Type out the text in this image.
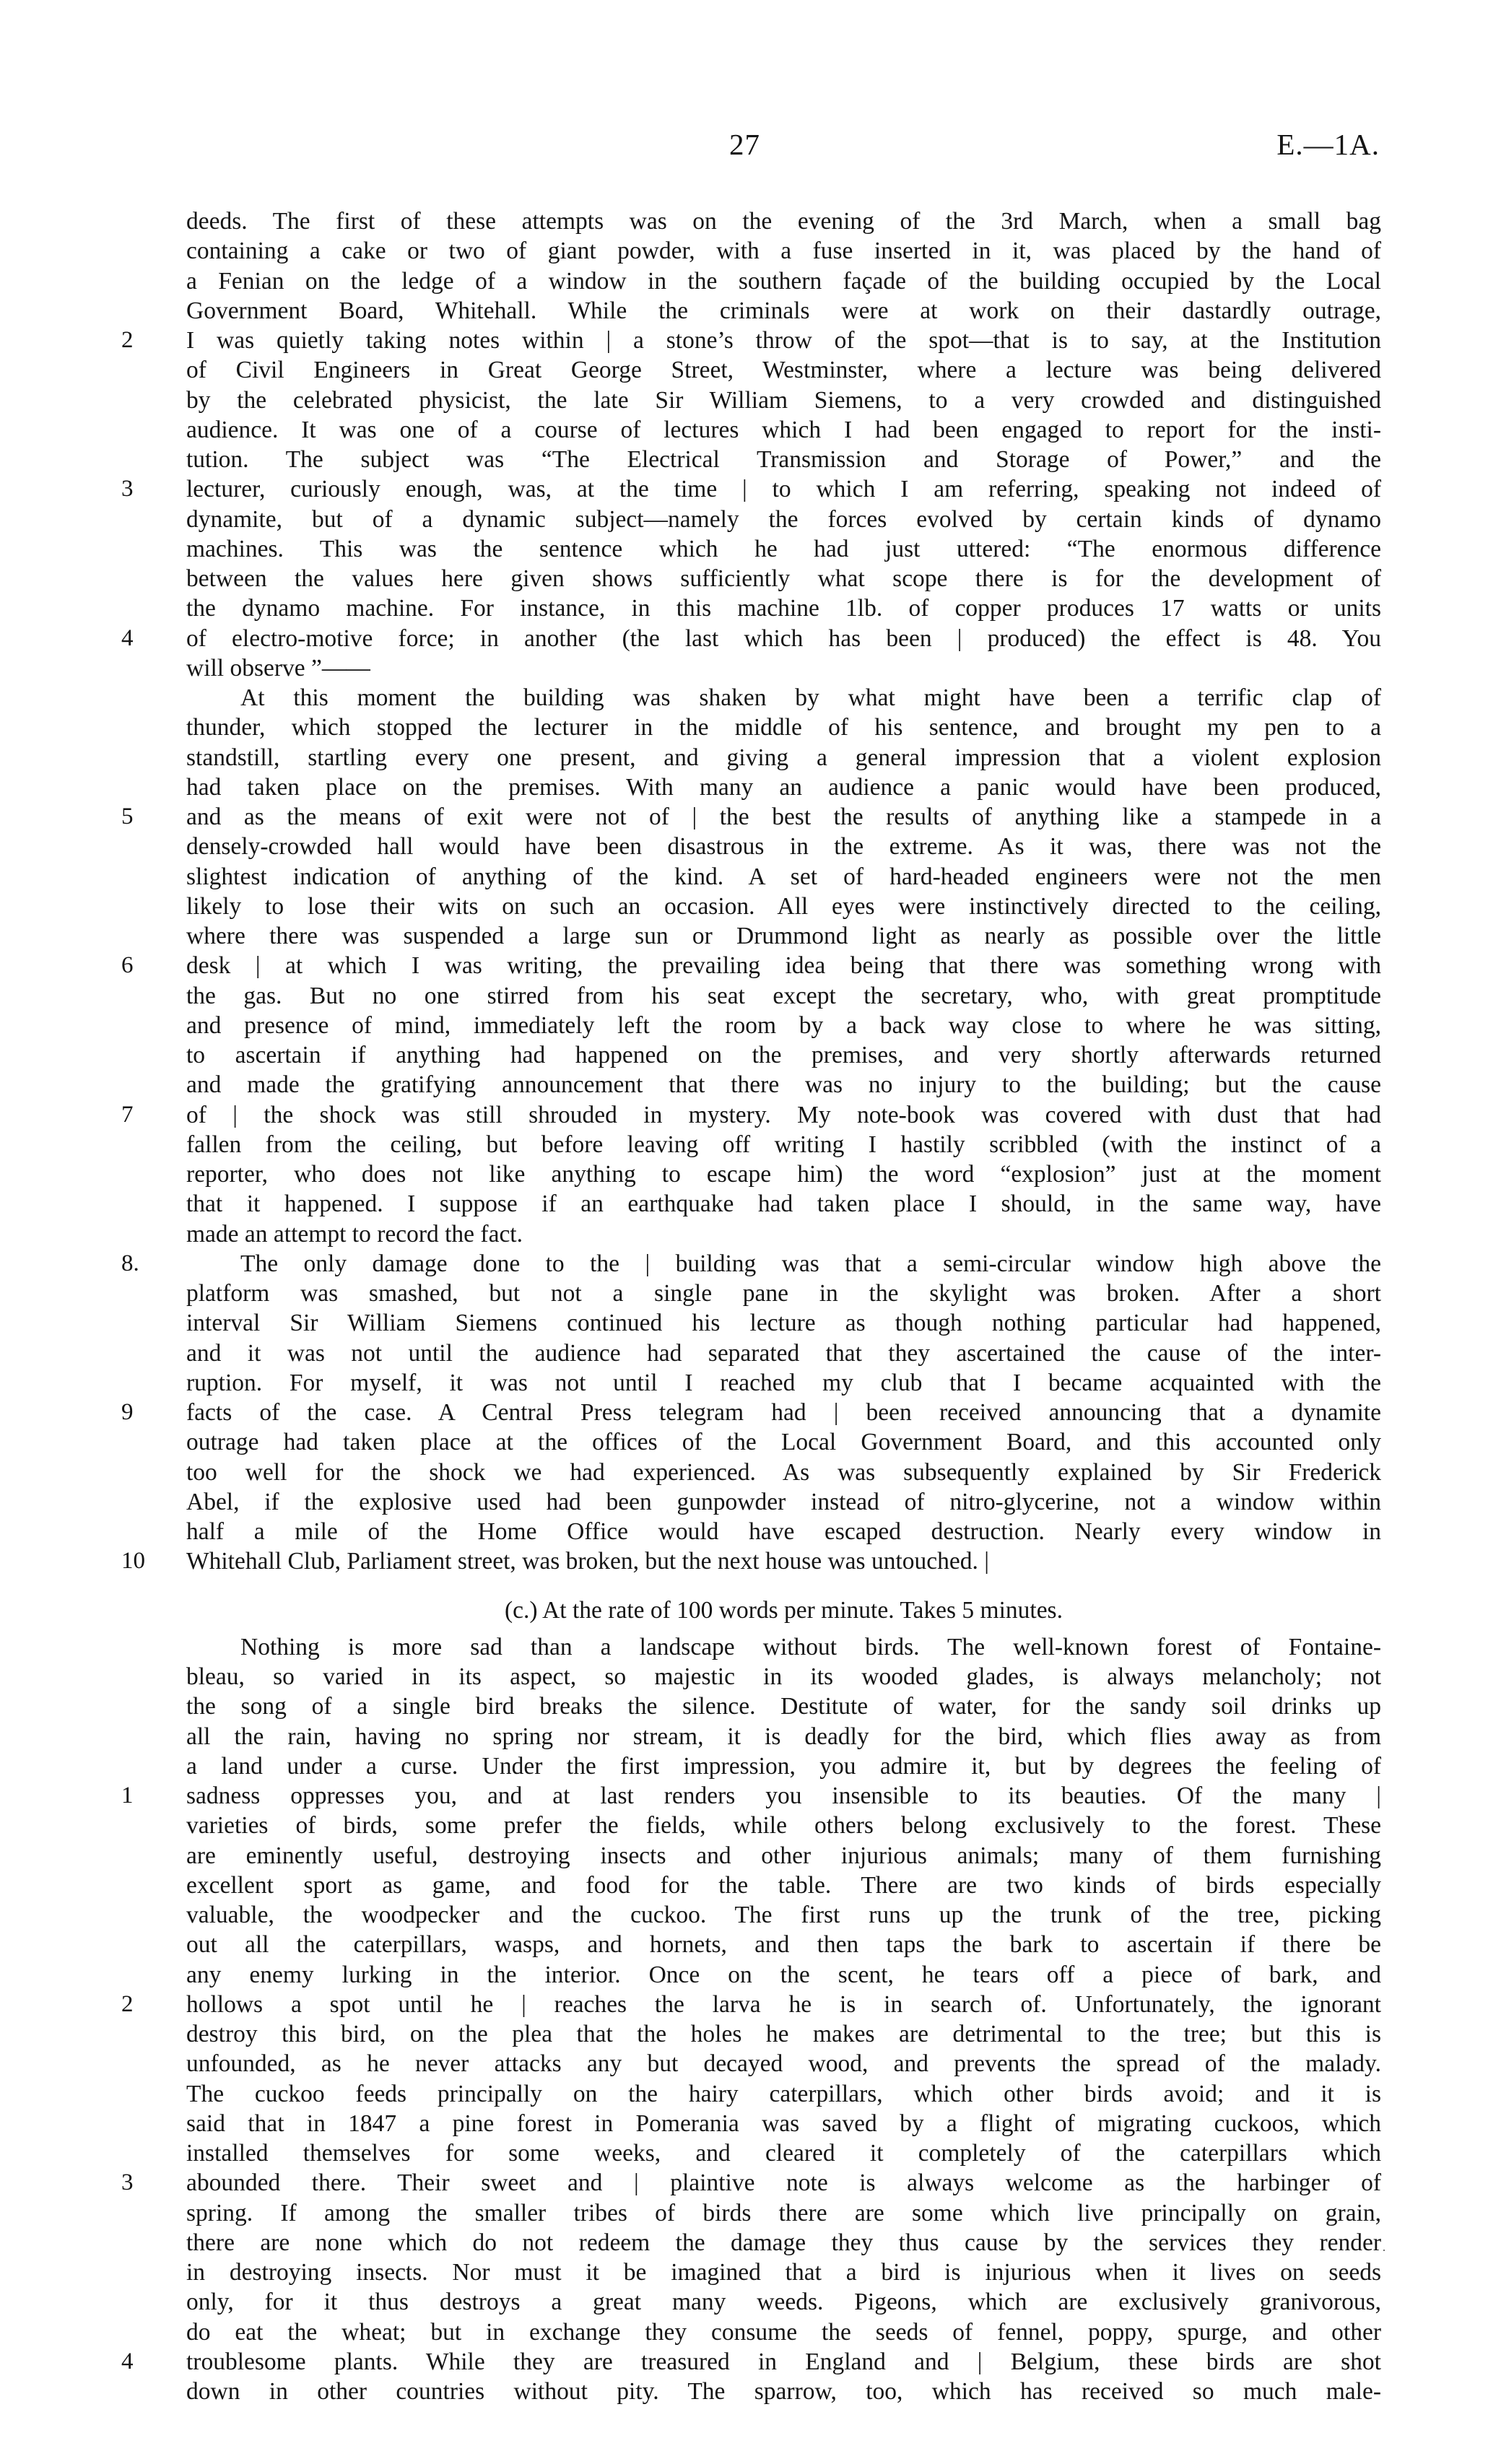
27	E.—1A.
deeds. The first of these attempts was on the evening of the 3rd March, when a small bag
containing a cake or two of giant powder, with a fuse inserted in it, was placed by the hand of
a Fenian on the ledge of a window in the southern façade of the building occupied by the Local
Government Board, Whitehall. While the criminals were at work on their dastardly outrage,
2	I was quietly taking notes within | a stone’s throw of the spot—that is to say, at the Institution
of Civil Engineers in Great George Street, Westminster, where a lecture was being delivered
by the celebrated physicist, the late Sir William Siemens, to a very crowded and distinguished
audience. It was one of a course of lectures which I had been engaged to report for the insti-
tution. The subject was “The Electrical Transmission and Storage of Power,” and the
3	lecturer, curiously enough, was, at the time | to which I am referring, speaking not indeed of
dynamite, but of a dynamic subject—namely the forces evolved by certain kinds of dynamo
machines. This was the sentence which he had just uttered: “The enormous difference
between the values here given shows sufficiently what scope there is for the development of
the dynamo machine. For instance, in this machine 1lb. of copper produces 17 watts or units
4	of electro-motive force; in another (the last which has been | produced) the effect is 48. You
will observe ”——
At this moment the building was shaken by what might have been a terrific clap of
thunder, which stopped the lecturer in the middle of his sentence, and brought my pen to a
standstill, startling every one present, and giving a general impression that a violent explosion
had taken place on the premises. With many an audience a panic would have been produced,
5	and as the means of exit were not of | the best the results of anything like a stampede in a
densely-crowded hall would have been disastrous in the extreme. As it was, there was not the
slightest indication of anything of the kind. A set of hard-headed engineers were not the men
likely to lose their wits on such an occasion. All eyes were instinctively directed to the ceiling,
where there was suspended a large sun or Drummond light as nearly as possible over the little
6	desk | at which I was writing, the prevailing idea being that there was something wrong with
the gas. But no one stirred from his seat except the secretary, who, with great promptitude
and presence of mind, immediately left the room by a back way close to where he was sitting,
to ascertain if anything had happened on the premises, and very shortly afterwards returned
and made the gratifying announcement that there was no injury to the building; but the cause
7	of | the shock was still shrouded in mystery. My note-book was covered with dust that had
fallen from the ceiling, but before leaving off writing I hastily scribbled (with the instinct of a
reporter, who does not like anything to escape him) the word “explosion” just at the moment
that it happened. I suppose if an earthquake had taken place I should, in the same way, have
made an attempt to record the fact.
8.	The only damage done to the | building was that a semi-circular window high above the
platform was smashed, but not a single pane in the skylight was broken. After a short
interval Sir William Siemens continued his lecture as though nothing particular had happened,
and it was not until the audience had separated that they ascertained the cause of the inter-
ruption. For myself, it was not until I reached my club that I became acquainted with the
9	facts of the case. A Central Press telegram had | been received announcing that a dynamite
outrage had taken place at the offices of the Local Government Board, and this accounted only
too well for the shock we had experienced. As was subsequently explained by Sir Frederick
Abel, if the explosive used had been gunpowder instead of nitro-glycerine, not a window within
half a mile of the Home Office would have escaped destruction. Nearly every window in
10	Whitehall Club, Parliament street, was broken, but the next house was untouched. |
(c.) At the rate of 100 words per minute. Takes 5 minutes.
Nothing is more sad than a landscape without birds. The well-known forest of Fontaine-
bleau, so varied in its aspect, so majestic in its wooded glades, is always melancholy; not
the song of a single bird breaks the silence. Destitute of water, for the sandy soil drinks up
all the rain, having no spring nor stream, it is deadly for the bird, which flies away as from
a land under a curse. Under the first impression, you admire it, but by degrees the feeling of
1	sadness oppresses you, and at last renders you insensible to its beauties. Of the many |
varieties of birds, some prefer the fields, while others belong exclusively to the forest. These
are eminently useful, destroying insects and other injurious animals; many of them furnishing
excellent sport as game, and food for the table. There are two kinds of birds especially
valuable, the woodpecker and the cuckoo. The first runs up the trunk of the tree, picking
out all the caterpillars, wasps, and hornets, and then taps the bark to ascertain if there be
any enemy lurking in the interior. Once on the scent, he tears off a piece of bark, and
2	hollows a spot until he | reaches the larva he is in search of. Unfortunately, the ignorant
destroy this bird, on the plea that the holes he makes are detrimental to the tree; but this is
unfounded, as he never attacks any but decayed wood, and prevents the spread of the malady.
The cuckoo feeds principally on the hairy caterpillars, which other birds avoid; and it is
said that in 1847 a pine forest in Pomerania was saved by a flight of migrating cuckoos, which
installed themselves for some weeks, and cleared it completely of the caterpillars which
3	abounded there. Their sweet and | plaintive note is always welcome as the harbinger of
spring. If among the smaller tribes of birds there are some which live principally on grain,
there are none which do not redeem the damage they thus cause by the services they render
in destroying insects. Nor must it be imagined that a bird is injurious when it lives on seeds
only, for it thus destroys a great many weeds. Pigeons, which are exclusively granivorous,
do eat the wheat; but in exchange they consume the seeds of fennel, poppy, spurge, and other
4	troublesome plants. While they are treasured in England and | Belgium, these birds are shot
down in other countries without pity. The sparrow, too, which has received so much male-
·
